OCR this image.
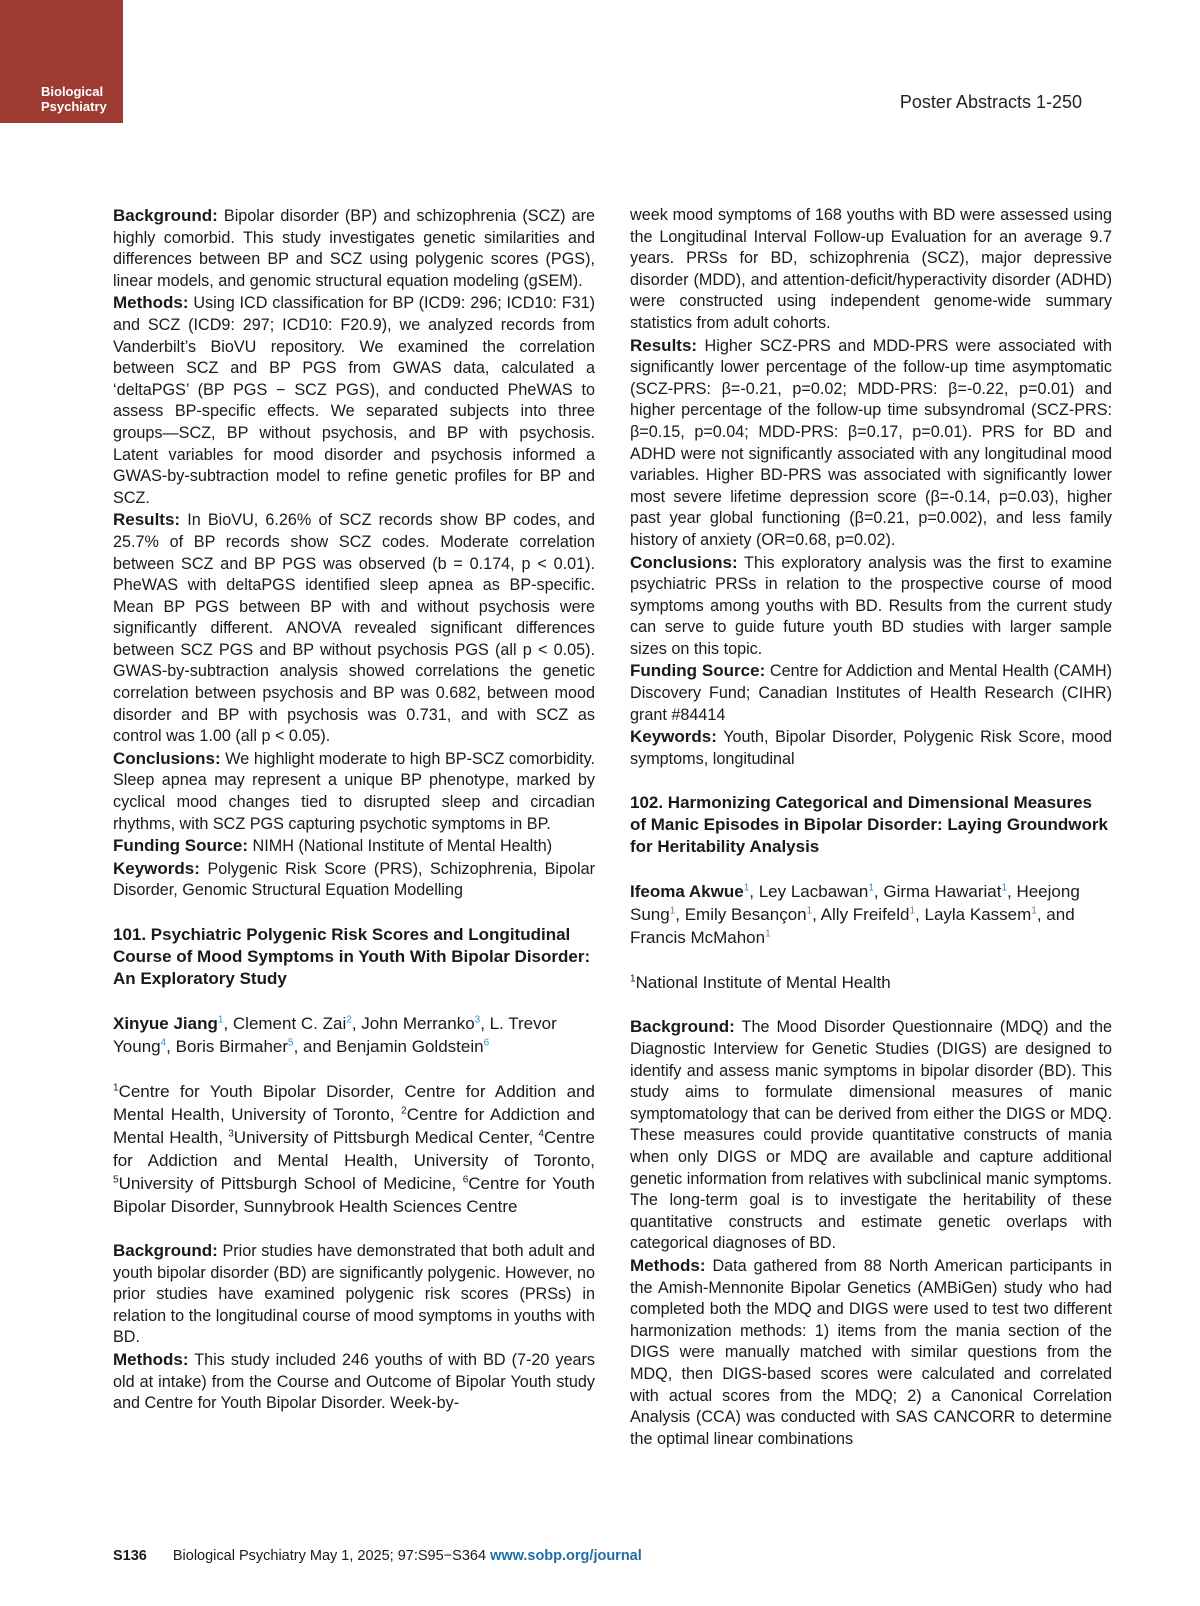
Biological
Psychiatry	Poster Abstracts 1-250

Background: Bipolar disorder (BP) and schizophrenia (SCZ) are highly comorbid. This study investigates genetic similarities and differences between BP and SCZ using polygenic scores (PGS), linear models, and genomic structural equation modeling (gSEM).

Methods: Using ICD classification for BP (ICD9: 296; ICD10: F31) and SCZ (ICD9: 297; ICD10: F20.9), we analyzed records from Vanderbilt’s BioVU repository. We examined the correlation between SCZ and BP PGS from GWAS data, calculated a ‘deltaPGS’ (BP PGS − SCZ PGS), and conducted PheWAS to assess BP-specific effects. We separated subjects into three groups—SCZ, BP without psychosis, and BP with psychosis. Latent variables for mood disorder and psychosis informed a GWAS-by-subtraction model to refine genetic profiles for BP and SCZ.

Results: In BioVU, 6.26% of SCZ records show BP codes, and 25.7% of BP records show SCZ codes. Moderate correlation between SCZ and BP PGS was observed (b = 0.174, p < 0.01). PheWAS with deltaPGS identified sleep apnea as BP-specific. Mean BP PGS between BP with and without psychosis were significantly different. ANOVA revealed significant differences between SCZ PGS and BP without psychosis PGS (all p < 0.05). GWAS-by-subtraction analysis showed correlations the genetic correlation between psychosis and BP was 0.682, between mood disorder and BP with psychosis was 0.731, and with SCZ as control was 1.00 (all p < 0.05).

Conclusions: We highlight moderate to high BP-SCZ comorbidity. Sleep apnea may represent a unique BP phenotype, marked by cyclical mood changes tied to disrupted sleep and circadian rhythms, with SCZ PGS capturing psychotic symptoms in BP.

Funding Source: NIMH (National Institute of Mental Health)

Keywords: Polygenic Risk Score (PRS), Schizophrenia, Bipolar Disorder, Genomic Structural Equation Modelling

101. Psychiatric Polygenic Risk Scores and Longitudinal Course of Mood Symptoms in Youth With Bipolar Disorder: An Exploratory Study

Xinyue Jiang$^1$, Clement C. Zai$^2$, John Merranko$^3$, L. Trevor Young$^4$, Boris Birmaher$^5$, and Benjamin Goldstein$^6$

$^1$Centre for Youth Bipolar Disorder, Centre for Addition and Mental Health, University of Toronto, $^2$Centre for Addiction and Mental Health, $^3$University of Pittsburgh Medical Center, $^4$Centre for Addiction and Mental Health, University of Toronto, $^5$University of Pittsburgh School of Medicine, $^6$Centre for Youth Bipolar Disorder, Sunnybrook Health Sciences Centre

Background: Prior studies have demonstrated that both adult and youth bipolar disorder (BD) are significantly polygenic. However, no prior studies have examined polygenic risk scores (PRSs) in relation to the longitudinal course of mood symptoms in youths with BD.

Methods: This study included 246 youths of with BD (7-20 years old at intake) from the Course and Outcome of Bipolar Youth study and Centre for Youth Bipolar Disorder. Week-by-

week mood symptoms of 168 youths with BD were assessed using the Longitudinal Interval Follow-up Evaluation for an average 9.7 years. PRSs for BD, schizophrenia (SCZ), major depressive disorder (MDD), and attention-deficit/hyperactivity disorder (ADHD) were constructed using independent genome-wide summary statistics from adult cohorts.

Results: Higher SCZ-PRS and MDD-PRS were associated with significantly lower percentage of the follow-up time asymptomatic (SCZ-PRS: β=-0.21, p=0.02; MDD-PRS: β=-0.22, p=0.01) and higher percentage of the follow-up time subsyndromal (SCZ-PRS: β=0.15, p=0.04; MDD-PRS: β=0.17, p=0.01). PRS for BD and ADHD were not significantly associated with any longitudinal mood variables. Higher BD-PRS was associated with significantly lower most severe lifetime depression score (β=-0.14, p=0.03), higher past year global functioning (β=0.21, p=0.002), and less family history of anxiety (OR=0.68, p=0.02).

Conclusions: This exploratory analysis was the first to examine psychiatric PRSs in relation to the prospective course of mood symptoms among youths with BD. Results from the current study can serve to guide future youth BD studies with larger sample sizes on this topic.

Funding Source: Centre for Addiction and Mental Health (CAMH) Discovery Fund; Canadian Institutes of Health Research (CIHR) grant #84414

Keywords: Youth, Bipolar Disorder, Polygenic Risk Score, mood symptoms, longitudinal

102. Harmonizing Categorical and Dimensional Measures of Manic Episodes in Bipolar Disorder: Laying Groundwork for Heritability Analysis

Ifeoma Akwue$^1$, Ley Lacbawan$^1$, Girma Hawariat$^1$, Heejong Sung$^1$, Emily Besançon$^1$, Ally Freifeld$^1$, Layla Kassem$^1$, and Francis McMahon$^1$

$^1$National Institute of Mental Health

Background: The Mood Disorder Questionnaire (MDQ) and the Diagnostic Interview for Genetic Studies (DIGS) are designed to identify and assess manic symptoms in bipolar disorder (BD). This study aims to formulate dimensional measures of manic symptomatology that can be derived from either the DIGS or MDQ. These measures could provide quantitative constructs of mania when only DIGS or MDQ are available and capture additional genetic information from relatives with subclinical manic symptoms. The long-term goal is to investigate the heritability of these quantitative constructs and estimate genetic overlaps with categorical diagnoses of BD.

Methods: Data gathered from 88 North American participants in the Amish-Mennonite Bipolar Genetics (AMBiGen) study who had completed both the MDQ and DIGS were used to test two different harmonization methods: 1) items from the mania section of the DIGS were manually matched with similar questions from the MDQ, then DIGS-based scores were calculated and correlated with actual scores from the MDQ; 2) a Canonical Correlation Analysis (CCA) was conducted with SAS CANCORR to determine the optimal linear combinations

S136 Biological Psychiatry May 1, 2025; 97:S95−S364 www.sobp.org/journal
